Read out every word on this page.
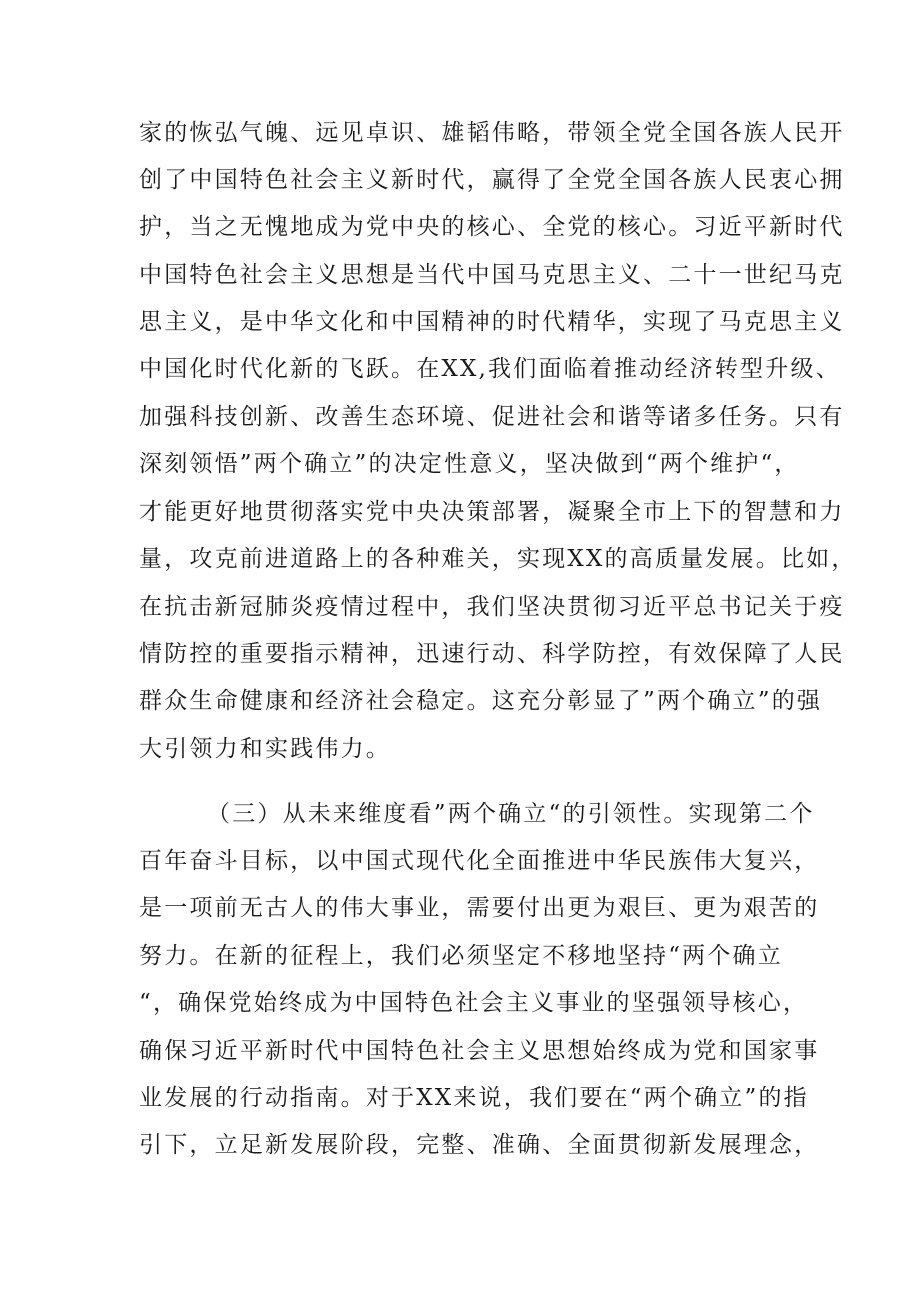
家的恢弘气魄、远见卓识、雄韬伟略，带领全党全国各族人民开
创了中国特色社会主义新时代，赢得了全党全国各族人民衷心拥
护，当之无愧地成为党中央的核心、全党的核心。习近平新时代
中国特色社会主义思想是当代中国马克思主义、二十一世纪马克
思主义，是中华文化和中国精神的时代精华，实现了马克思主义
中国化时代化新的飞跃。在XX,我们面临着推动经济转型升级、
加强科技创新、改善生态环境、促进社会和谐等诸多任务。只有
深刻领悟”两个确立”的决定性意义，坚决做到“两个维护“，
才能更好地贯彻落实党中央决策部署，凝聚全市上下的智慧和力
量，攻克前进道路上的各种难关，实现XX的高质量发展。比如，
在抗击新冠肺炎疫情过程中，我们坚决贯彻习近平总书记关于疫
情防控的重要指示精神，迅速行动、科学防控，有效保障了人民
群众生命健康和经济社会稳定。这充分彰显了”两个确立”的强
大引领力和实践伟力。
（三）从未来维度看”两个确立“的引领性。实现第二个
百年奋斗目标，以中国式现代化全面推进中华民族伟大复兴，
是一项前无古人的伟大事业，需要付出更为艰巨、更为艰苦的
努力。在新的征程上，我们必须坚定不移地坚持“两个确立
“，确保党始终成为中国特色社会主义事业的坚强领导核心，
确保习近平新时代中国特色社会主义思想始终成为党和国家事
业发展的行动指南。对于XX来说，我们要在“两个确立”的指
引下，立足新发展阶段，完整、准确、全面贯彻新发展理念，
